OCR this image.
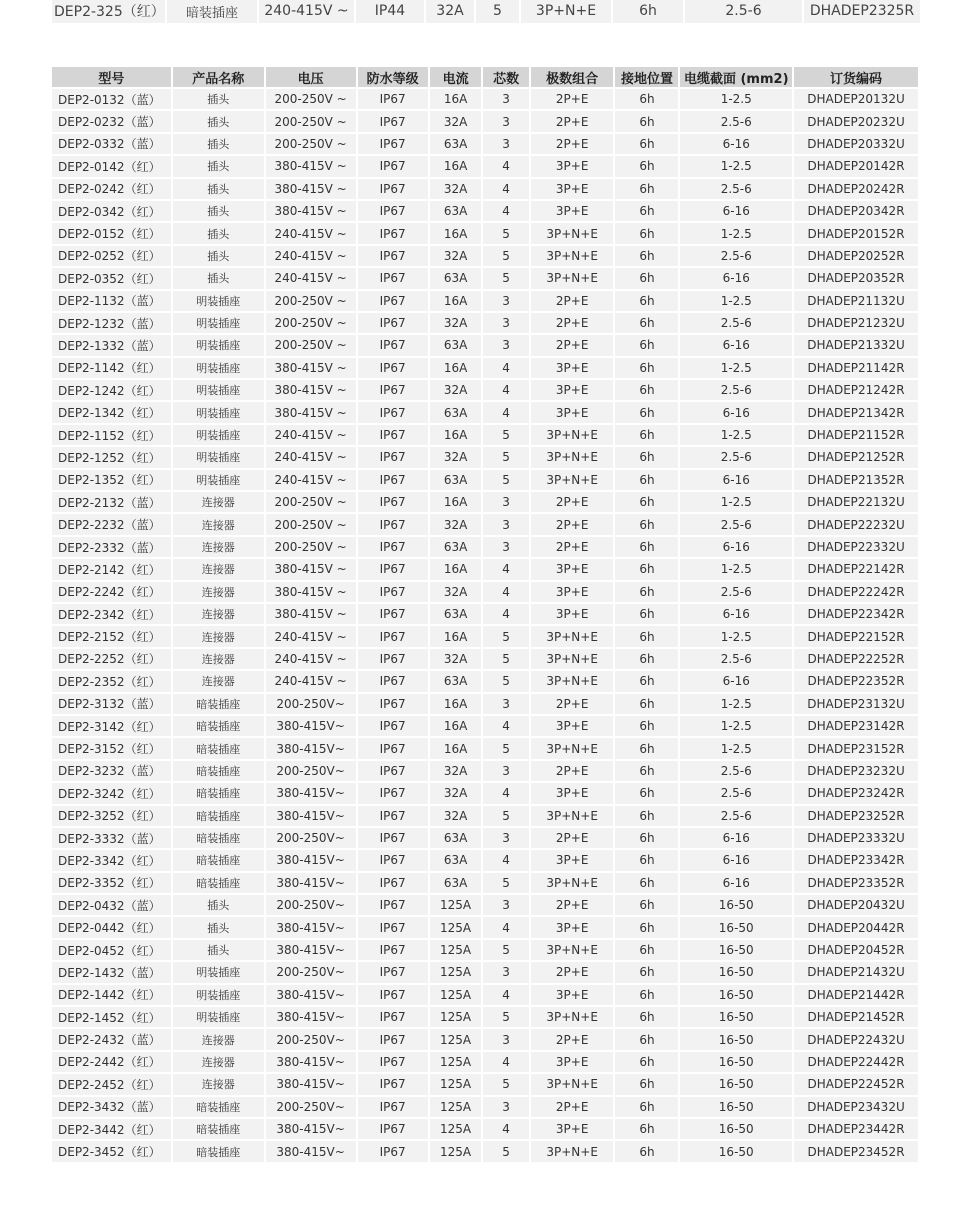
DEP2-325（红）	暗装插座	240-415V ~	IP44	32A	5	3P+N+E	6h	2.5-6	DHADEP2325R
型号	产品名称	电压	防水等级	电流	芯数	极数组合	接地位置	电缆截面 (mm2)	订货编码
DEP2-0132（蓝）	插头	200-250V ~	IP67	16A	3	2P+E	6h	1-2.5	DHADEP20132U
DEP2-0232（蓝）	插头	200-250V ~	IP67	32A	3	2P+E	6h	2.5-6	DHADEP20232U
DEP2-0332（蓝）	插头	200-250V ~	IP67	63A	3	2P+E	6h	6-16	DHADEP20332U
DEP2-0142（红）	插头	380-415V ~	IP67	16A	4	3P+E	6h	1-2.5	DHADEP20142R
DEP2-0242（红）	插头	380-415V ~	IP67	32A	4	3P+E	6h	2.5-6	DHADEP20242R
DEP2-0342（红）	插头	380-415V ~	IP67	63A	4	3P+E	6h	6-16	DHADEP20342R
DEP2-0152（红）	插头	240-415V ~	IP67	16A	5	3P+N+E	6h	1-2.5	DHADEP20152R
DEP2-0252（红）	插头	240-415V ~	IP67	32A	5	3P+N+E	6h	2.5-6	DHADEP20252R
DEP2-0352（红）	插头	240-415V ~	IP67	63A	5	3P+N+E	6h	6-16	DHADEP20352R
DEP2-1132（蓝）	明装插座	200-250V ~	IP67	16A	3	2P+E	6h	1-2.5	DHADEP21132U
DEP2-1232（蓝）	明装插座	200-250V ~	IP67	32A	3	2P+E	6h	2.5-6	DHADEP21232U
DEP2-1332（蓝）	明装插座	200-250V ~	IP67	63A	3	2P+E	6h	6-16	DHADEP21332U
DEP2-1142（红）	明装插座	380-415V ~	IP67	16A	4	3P+E	6h	1-2.5	DHADEP21142R
DEP2-1242（红）	明装插座	380-415V ~	IP67	32A	4	3P+E	6h	2.5-6	DHADEP21242R
DEP2-1342（红）	明装插座	380-415V ~	IP67	63A	4	3P+E	6h	6-16	DHADEP21342R
DEP2-1152（红）	明装插座	240-415V ~	IP67	16A	5	3P+N+E	6h	1-2.5	DHADEP21152R
DEP2-1252（红）	明装插座	240-415V ~	IP67	32A	5	3P+N+E	6h	2.5-6	DHADEP21252R
DEP2-1352（红）	明装插座	240-415V ~	IP67	63A	5	3P+N+E	6h	6-16	DHADEP21352R
DEP2-2132（蓝）	连接器	200-250V ~	IP67	16A	3	2P+E	6h	1-2.5	DHADEP22132U
DEP2-2232（蓝）	连接器	200-250V ~	IP67	32A	3	2P+E	6h	2.5-6	DHADEP22232U
DEP2-2332（蓝）	连接器	200-250V ~	IP67	63A	3	2P+E	6h	6-16	DHADEP22332U
DEP2-2142（红）	连接器	380-415V ~	IP67	16A	4	3P+E	6h	1-2.5	DHADEP22142R
DEP2-2242（红）	连接器	380-415V ~	IP67	32A	4	3P+E	6h	2.5-6	DHADEP22242R
DEP2-2342（红）	连接器	380-415V ~	IP67	63A	4	3P+E	6h	6-16	DHADEP22342R
DEP2-2152（红）	连接器	240-415V ~	IP67	16A	5	3P+N+E	6h	1-2.5	DHADEP22152R
DEP2-2252（红）	连接器	240-415V ~	IP67	32A	5	3P+N+E	6h	2.5-6	DHADEP22252R
DEP2-2352（红）	连接器	240-415V ~	IP67	63A	5	3P+N+E	6h	6-16	DHADEP22352R
DEP2-3132（蓝）	暗装插座	200-250V~	IP67	16A	3	2P+E	6h	1-2.5	DHADEP23132U
DEP2-3142（红）	暗装插座	380-415V~	IP67	16A	4	3P+E	6h	1-2.5	DHADEP23142R
DEP2-3152（红）	暗装插座	380-415V~	IP67	16A	5	3P+N+E	6h	1-2.5	DHADEP23152R
DEP2-3232（蓝）	暗装插座	200-250V~	IP67	32A	3	2P+E	6h	2.5-6	DHADEP23232U
DEP2-3242（红）	暗装插座	380-415V~	IP67	32A	4	3P+E	6h	2.5-6	DHADEP23242R
DEP2-3252（红）	暗装插座	380-415V~	IP67	32A	5	3P+N+E	6h	2.5-6	DHADEP23252R
DEP2-3332（蓝）	暗装插座	200-250V~	IP67	63A	3	2P+E	6h	6-16	DHADEP23332U
DEP2-3342（红）	暗装插座	380-415V~	IP67	63A	4	3P+E	6h	6-16	DHADEP23342R
DEP2-3352（红）	暗装插座	380-415V~	IP67	63A	5	3P+N+E	6h	6-16	DHADEP23352R
DEP2-0432（蓝）	插头	200-250V~	IP67	125A	3	2P+E	6h	16-50	DHADEP20432U
DEP2-0442（红）	插头	380-415V~	IP67	125A	4	3P+E	6h	16-50	DHADEP20442R
DEP2-0452（红）	插头	380-415V~	IP67	125A	5	3P+N+E	6h	16-50	DHADEP20452R
DEP2-1432（蓝）	明装插座	200-250V~	IP67	125A	3	2P+E	6h	16-50	DHADEP21432U
DEP2-1442（红）	明装插座	380-415V~	IP67	125A	4	3P+E	6h	16-50	DHADEP21442R
DEP2-1452（红）	明装插座	380-415V~	IP67	125A	5	3P+N+E	6h	16-50	DHADEP21452R
DEP2-2432（蓝）	连接器	200-250V~	IP67	125A	3	2P+E	6h	16-50	DHADEP22432U
DEP2-2442（红）	连接器	380-415V~	IP67	125A	4	3P+E	6h	16-50	DHADEP22442R
DEP2-2452（红）	连接器	380-415V~	IP67	125A	5	3P+N+E	6h	16-50	DHADEP22452R
DEP2-3432（蓝）	暗装插座	200-250V~	IP67	125A	3	2P+E	6h	16-50	DHADEP23432U
DEP2-3442（红）	暗装插座	380-415V~	IP67	125A	4	3P+E	6h	16-50	DHADEP23442R
DEP2-3452（红）	暗装插座	380-415V~	IP67	125A	5	3P+N+E	6h	16-50	DHADEP23452R
